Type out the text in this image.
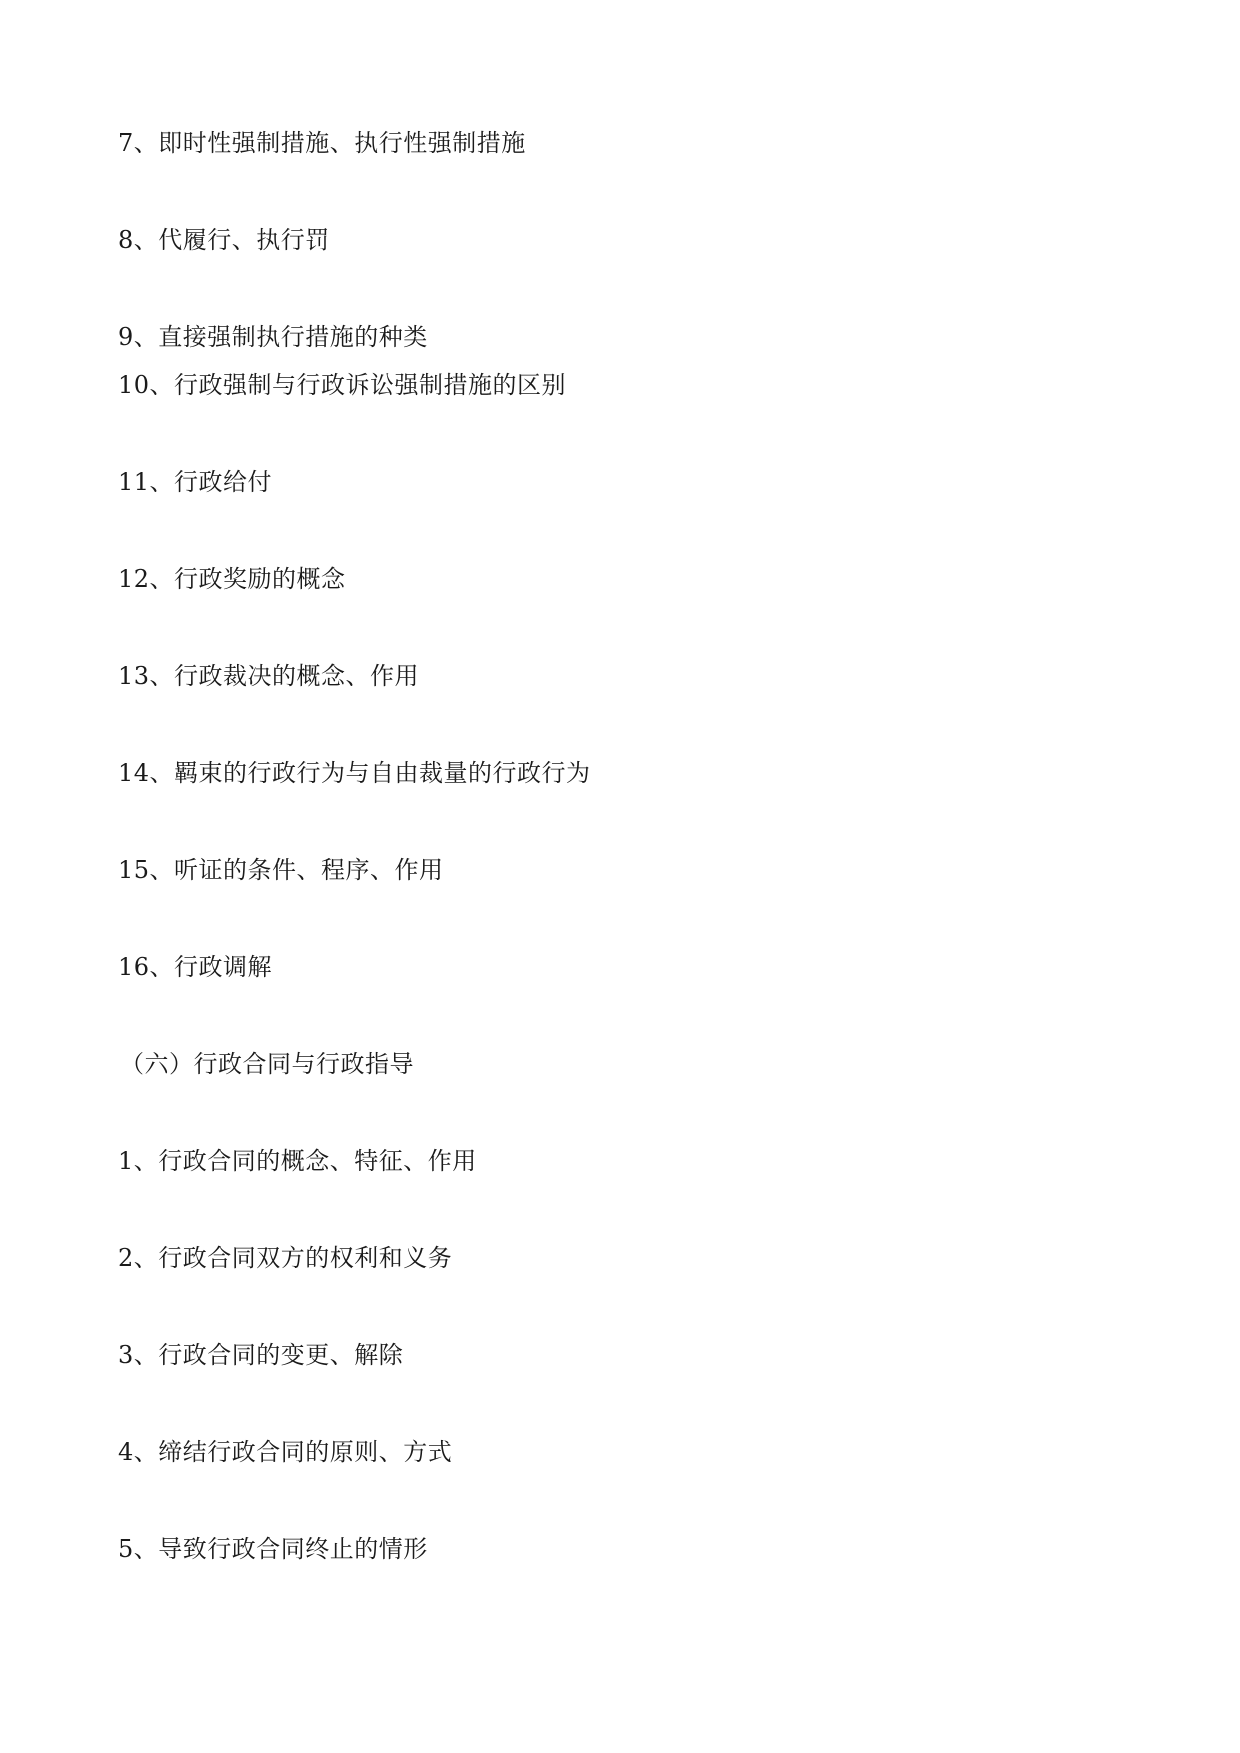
7、即时性强制措施、执行性强制措施
8、代履行、执行罚
9、直接强制执行措施的种类
10、行政强制与行政诉讼强制措施的区别
11、行政给付
12、行政奖励的概念
13、行政裁决的概念、作用
14、羁束的行政行为与自由裁量的行政行为
15、听证的条件、程序、作用
16、行政调解
（六）行政合同与行政指导
1、行政合同的概念、特征、作用
2、行政合同双方的权利和义务
3、行政合同的变更、解除
4、缔结行政合同的原则、方式
5、导致行政合同终止的情形
